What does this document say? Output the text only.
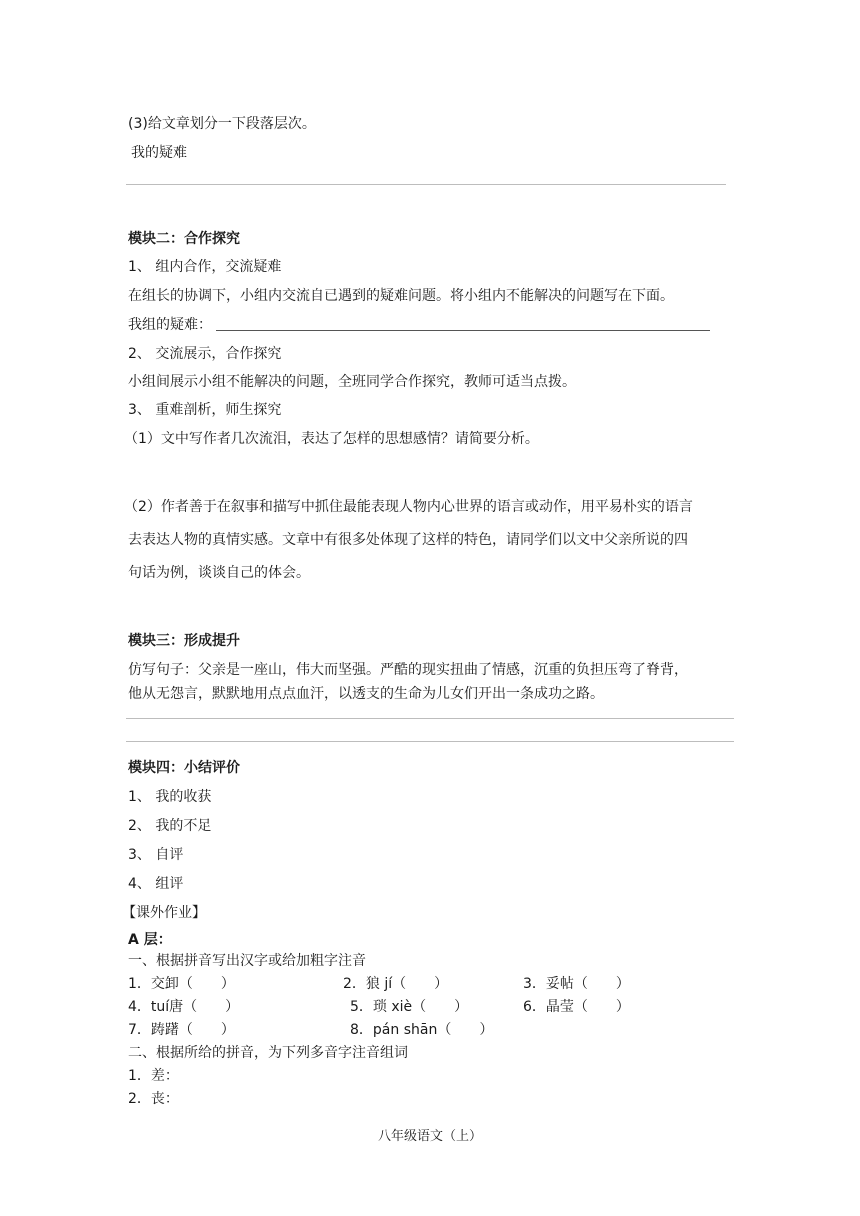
(3)给文章划分一下段落层次。
我的疑难
模块二：合作探究
1、 组内合作，交流疑难
在组长的协调下，小组内交流自已遇到的疑难问题。将小组内不能解决的问题写在下面。
我组的疑难：
2、 交流展示，合作探究
小组间展示小组不能解决的问题，全班同学合作探究，教师可适当点拨。
3、 重难剖析，师生探究
（1）文中写作者几次流泪，表达了怎样的思想感情？请简要分析。
（2）作者善于在叙事和描写中抓住最能表现人物内心世界的语言或动作，用平易朴实的语言
去表达人物的真情实感。文章中有很多处体现了这样的特色，请同学们以文中父亲所说的四
句话为例，谈谈自己的体会。
模块三：形成提升
仿写句子：父亲是一座山，伟大而坚强。严酷的现实扭曲了情感，沉重的负担压弯了脊背，
他从无怨言，默默地用点点血汗，以透支的生命为儿女们开出一条成功之路。
模块四：小结评价
1、 我的收获
2、 我的不足
3、 自评
4、 组评
【课外作业】
A 层：
一、根据拼音写出汉字或给加粗字注音
1．交卸（　　）	2．狼 jí（　　）	3．妥帖（　　）
4．tuí唐（　　）	5．琐 xiè（　　）	6．晶莹（　　）
7．踌躇（　　）	8．pán shān（　　）
二、根据所给的拼音，为下列多音字注音组词
1．差：
2．丧：
八年级语文（上）
